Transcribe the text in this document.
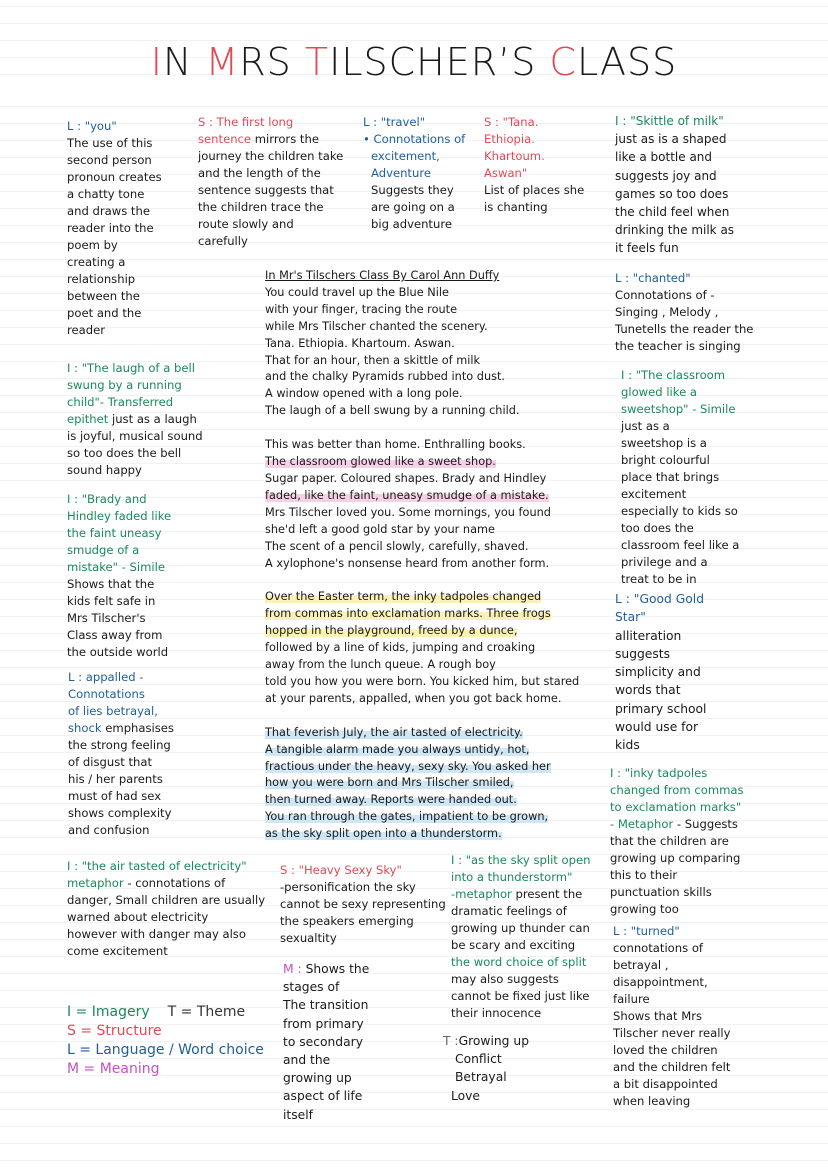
IN MRS TILSCHER’S CLASS
L : "you"
The use of this
second person
pronoun creates
a chatty tone
and draws the
reader into the
poem by
creating a
relationship
between the
poet and the
reader
S : The first long
sentence mirrors the
journey the children take
and the length of the
sentence suggests that
the children trace the
route slowly and
carefully
L : "travel"
• Connotations of
excitement,
Adventure
Suggests they
are going on a
big adventure
S : "Tana.
Ethiopia.
Khartoum.
Aswan"
List of places she
is chanting
I : "Skittle of milk"
just as is a shaped
like a bottle and
suggests joy and
games so too does
the child feel when
drinking the milk as
it feels fun
L : "chanted"
Connotations of -
Singing , Melody ,
Tunetells the reader the
the teacher is singing
I : "The laugh of a bell
swung by a running
child"- Transferred
epithet just as a laugh
is joyful, musical sound
so too does the bell
sound happy
I : "The classroom
glowed like a
sweetshop" - Simile
just as a
sweetshop is a
bright colourful
place that brings
excitement
especially to kids so
too does the
classroom feel like a
privilege and a
treat to be in
I : "Brady and
Hindley faded like
the faint uneasy
smudge of a
mistake" - Simile
Shows that the
kids felt safe in
Mrs Tilscher's
Class away from
the outside world
L : "Good Gold
Star"
alliteration
suggests
simplicity and
words that
primary school
would use for
kids
L : appalled -
Connotations
of lies betrayal,
shock emphasises
the strong feeling
of disgust that
his / her parents
must of had sex
shows complexity
and confusion
I : "inky tadpoles
changed from commas
to exclamation marks"
- Metaphor - Suggests
that the children are
growing up comparing
this to their
punctuation skills
growing too
L : "turned"
connotations of
betrayal ,
disappointment,
failure
Shows that Mrs
Tilscher never really
loved the children
and the children felt
a bit disappointed
when leaving
I : "the air tasted of electricity"
metaphor - connotations of
danger, Small children are usually
warned about electricity
however with danger may also
come excitement
S : "Heavy Sexy Sky"
-personification the sky
cannot be sexy representing
the speakers emerging
sexualtity
I : "as the sky split open
into a thunderstorm"
-metaphor present the
dramatic feelings of
growing up thunder can
be scary and exciting
the word choice of split
may also suggests
cannot be fixed just like
their innocence
M : Shows the
stages of
The transition
from primary
to secondary
and the
growing up
aspect of life
itself
T :Growing up
Conflict
Betrayal
Love
In Mr's Tilschers Class By Carol Ann Duffy
You could travel up the Blue Nile
with your finger, tracing the route
while Mrs Tilscher chanted the scenery.
Tana. Ethiopia. Khartoum. Aswan.
That for an hour, then a skittle of milk
and the chalky Pyramids rubbed into dust.
A window opened with a long pole.
The laugh of a bell swung by a running child.
This was better than home. Enthralling books.
The classroom glowed like a sweet shop.
Sugar paper. Coloured shapes. Brady and Hindley
faded, like the faint, uneasy smudge of a mistake.
Mrs Tilscher loved you. Some mornings, you found
she'd left a good gold star by your name
The scent of a pencil slowly, carefully, shaved.
A xylophone's nonsense heard from another form.
Over the Easter term, the inky tadpoles changed
from commas into exclamation marks. Three frogs
hopped in the playground, freed by a dunce,
followed by a line of kids, jumping and croaking
away from the lunch queue. A rough boy
told you how you were born. You kicked him, but stared
at your parents, appalled, when you got back home.
That feverish July, the air tasted of electricity.
A tangible alarm made you always untidy, hot,
fractious under the heavy, sexy sky. You asked her
how you were born and Mrs Tilscher smiled,
then turned away. Reports were handed out.
You ran through the gates, impatient to be grown,
as the sky split open into a thunderstorm.
I = Imagery T = Theme
S = Structure
L = Language / Word choice
M = Meaning
